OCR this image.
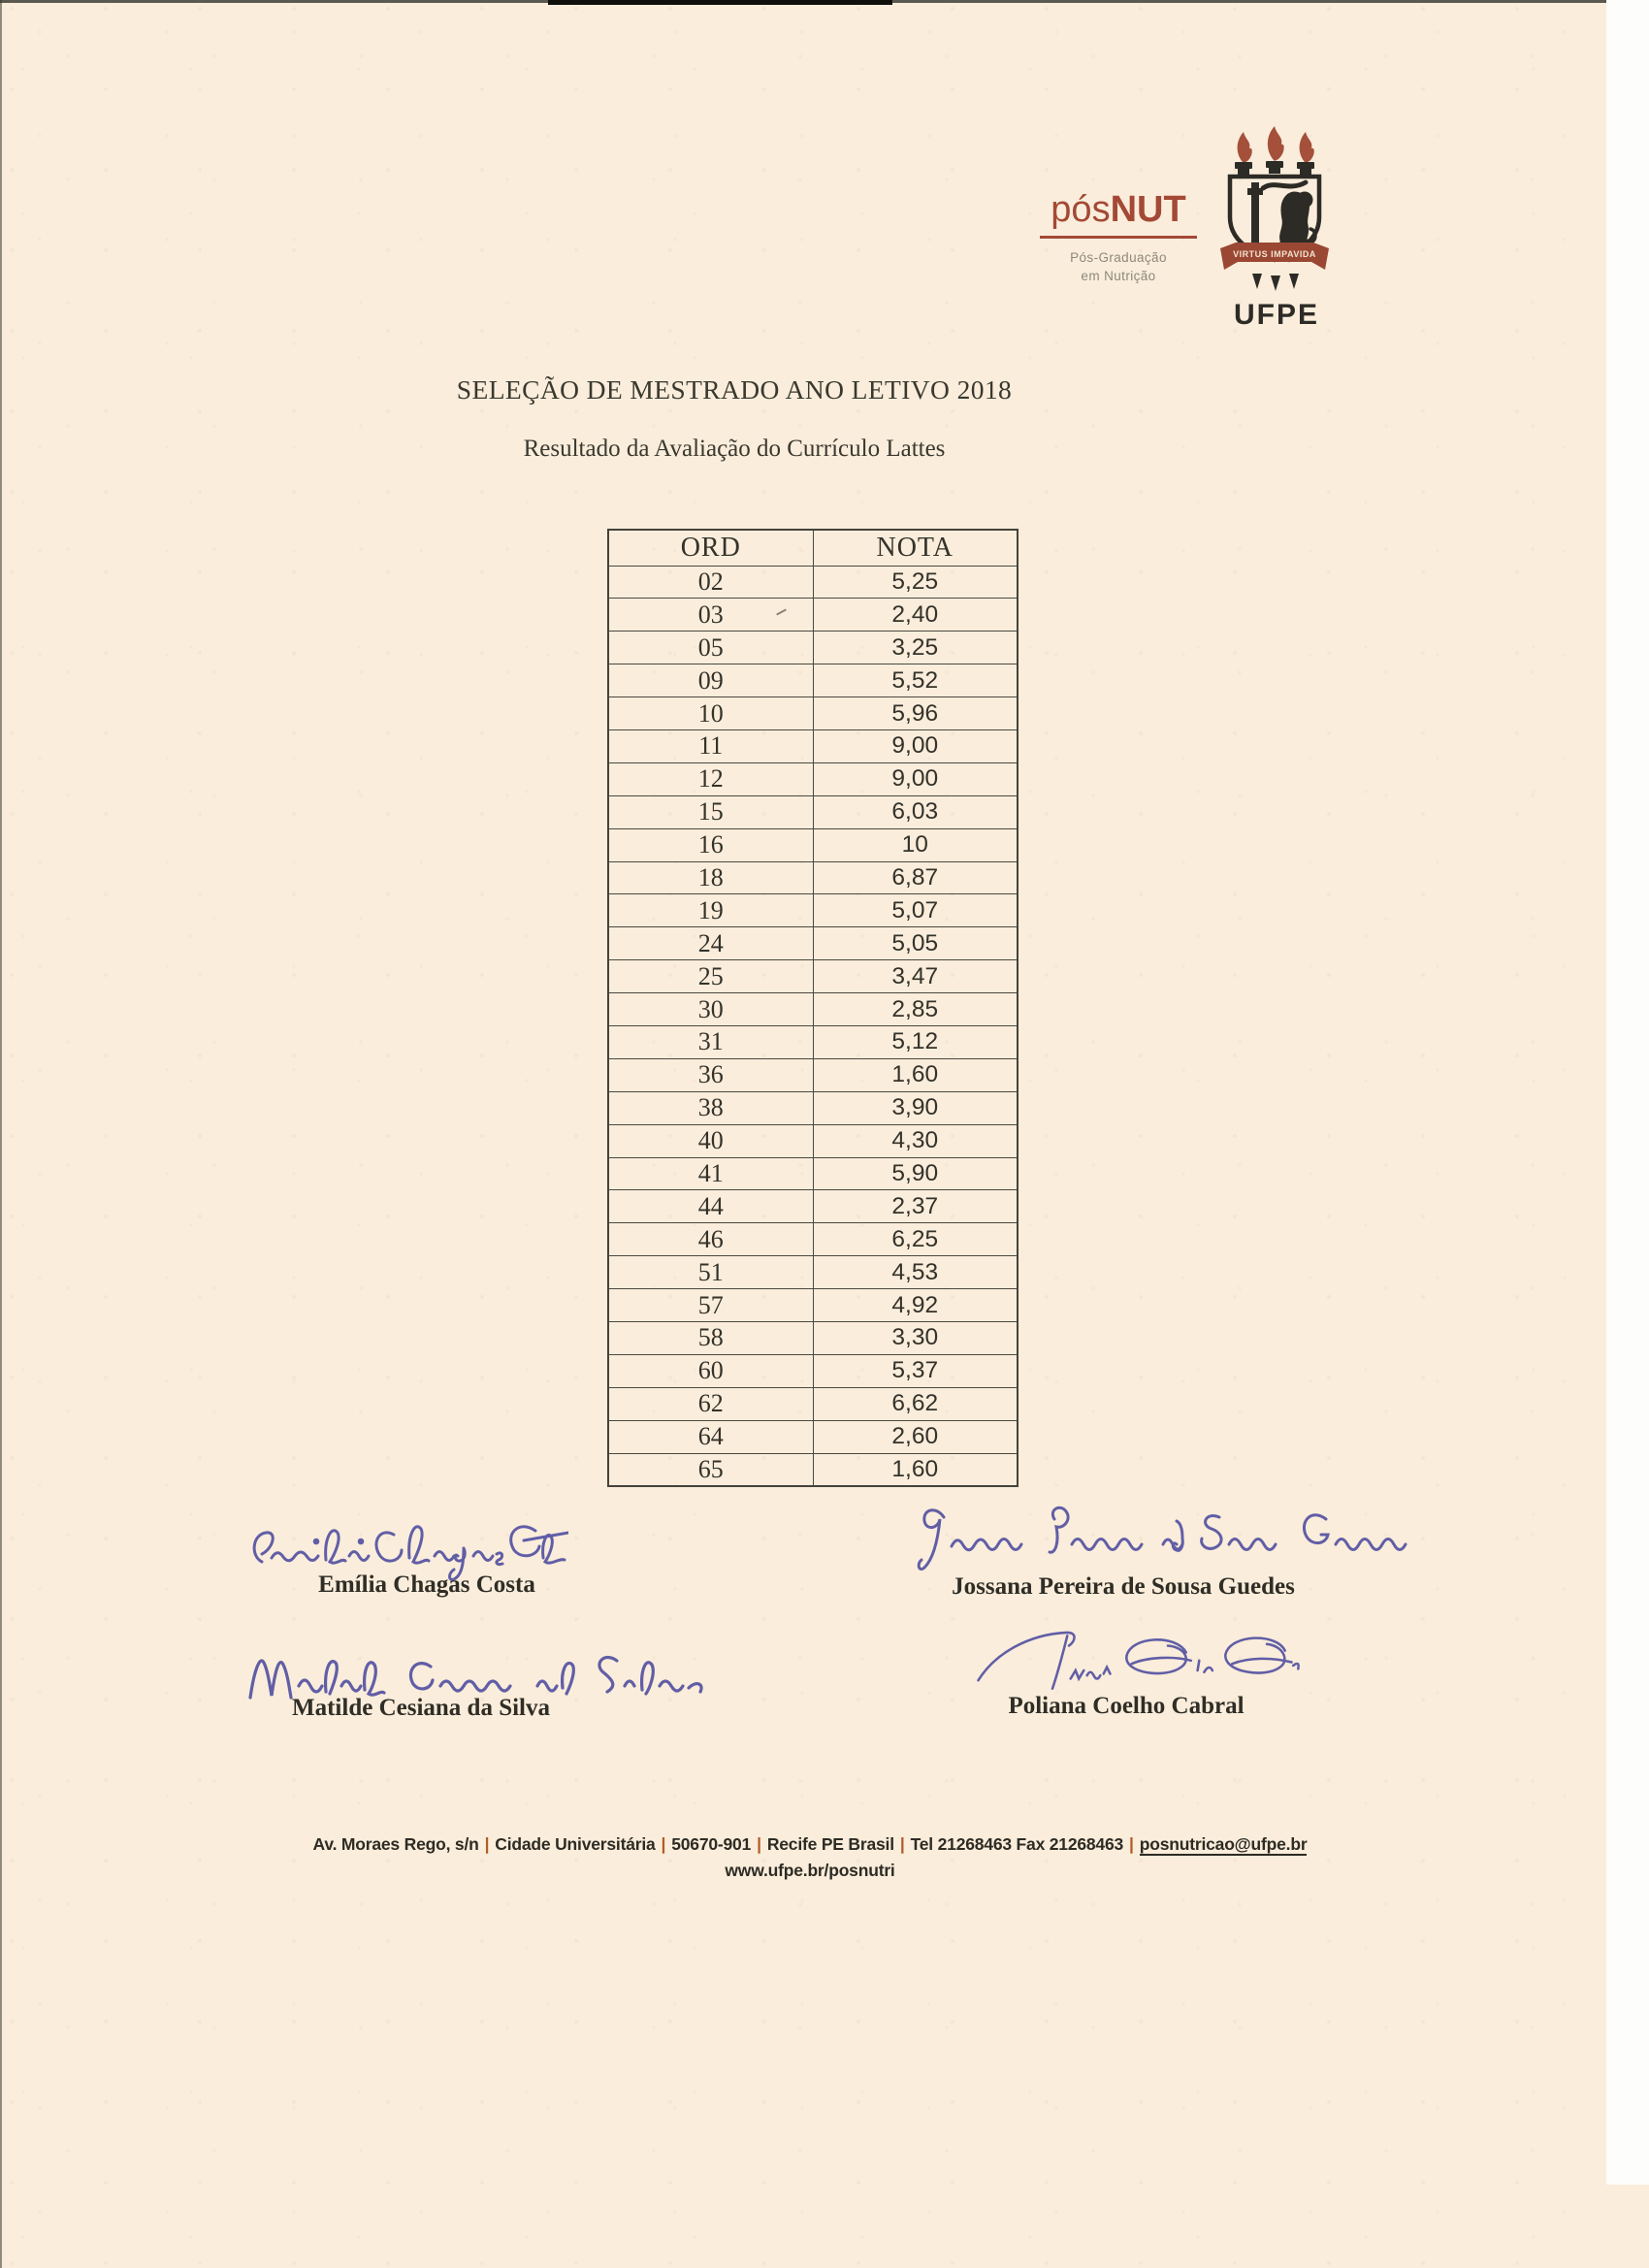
pósNUT
Pós-Graduação
em Nutrição
VIRTUS IMPAVIDA
UFPE
SELEÇÃO DE MESTRADO ANO LETIVO 2018
Resultado da Avaliação do Currículo Lattes
ORD	NOTA
02	5,25
03	2,40
05	3,25
09	5,52
10	5,96
11	9,00
12	9,00
15	6,03
16	10
18	6,87
19	5,07
24	5,05
25	3,47
30	2,85
31	5,12
36	1,60
38	3,90
40	4,30
41	5,90
44	2,37
46	6,25
51	4,53
57	4,92
58	3,30
60	5,37
62	6,62
64	2,60
65	1,60
Emília Chagas Costa	Jossana Pereira de Sousa Guedes
Matilde Cesiana da Silva	Poliana Coelho Cabral
Av. Moraes Rego, s/n | Cidade Universitária | 50670-901 | Recife PE Brasil | Tel 21268463 Fax 21268463 | posnutricao@ufpe.br
www.ufpe.br/posnutri
